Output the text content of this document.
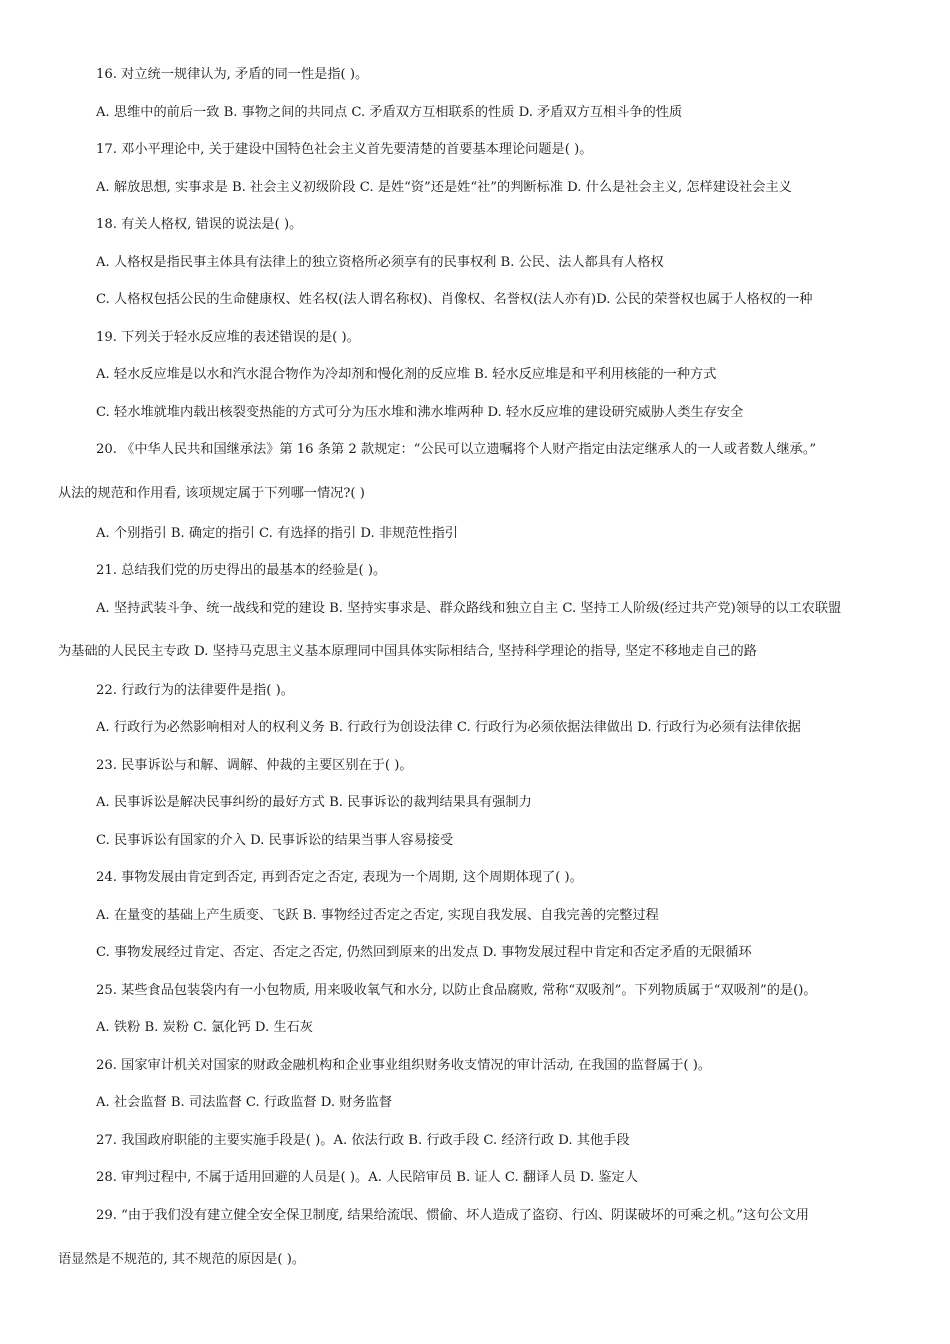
16. 对立统一规律认为, 矛盾的同一性是指( )。
A. 思维中的前后一致 B. 事物之间的共同点 C. 矛盾双方互相联系的性质 D. 矛盾双方互相斗争的性质
17. 邓小平理论中, 关于建设中国特色社会主义首先要清楚的首要基本理论问题是( )。
A. 解放思想, 实事求是 B. 社会主义初级阶段 C. 是姓“资”还是姓“社”的判断标准 D. 什么是社会主义, 怎样建设社会主义
18. 有关人格权, 错误的说法是( )。
A. 人格权是指民事主体具有法律上的独立资格所必须享有的民事权利 B. 公民、法人都具有人格权
C. 人格权包括公民的生命健康权、姓名权(法人谓名称权)、肖像权、名誉权(法人亦有)D. 公民的荣誉权也属于人格权的一种
19. 下列关于轻水反应堆的表述错误的是( )。
A. 轻水反应堆是以水和汽水混合物作为冷却剂和慢化剂的反应堆 B. 轻水反应堆是和平利用核能的一种方式
C. 轻水堆就堆内载出核裂变热能的方式可分为压水堆和沸水堆两种 D. 轻水反应堆的建设研究威胁人类生存安全
20. 《中华人民共和国继承法》第 16 条第 2 款规定：“公民可以立遗嘱将个人财产指定由法定继承人的一人或者数人继承。”
从法的规范和作用看, 该项规定属于下列哪一情况?( )
A. 个别指引 B. 确定的指引 C. 有选择的指引 D. 非规范性指引
21. 总结我们党的历史得出的最基本的经验是( )。
A. 坚持武装斗争、统一战线和党的建设 B. 坚持实事求是、群众路线和独立自主 C. 坚持工人阶级(经过共产党)领导的以工农联盟
为基础的人民民主专政 D. 坚持马克思主义基本原理同中国具体实际相结合, 坚持科学理论的指导, 坚定不移地走自己的路
22. 行政行为的法律要件是指( )。
A. 行政行为必然影响相对人的权利义务 B. 行政行为创设法律 C. 行政行为必须依据法律做出 D. 行政行为必须有法律依据
23. 民事诉讼与和解、调解、仲裁的主要区别在于( )。
A. 民事诉讼是解决民事纠纷的最好方式 B. 民事诉讼的裁判结果具有强制力
C. 民事诉讼有国家的介入 D. 民事诉讼的结果当事人容易接受
24. 事物发展由肯定到否定, 再到否定之否定, 表现为一个周期, 这个周期体现了( )。
A. 在量变的基础上产生质变、飞跃 B. 事物经过否定之否定, 实现自我发展、自我完善的完整过程
C. 事物发展经过肯定、否定、否定之否定, 仍然回到原来的出发点 D. 事物发展过程中肯定和否定矛盾的无限循环
25. 某些食品包装袋内有一小包物质, 用来吸收氧气和水分, 以防止食品腐败, 常称“双吸剂”。下列物质属于“双吸剂”的是()。
A. 铁粉 B. 炭粉 C. 氯化钙 D. 生石灰
26. 国家审计机关对国家的财政金融机构和企业事业组织财务收支情况的审计活动, 在我国的监督属于( )。
A. 社会监督 B. 司法监督 C. 行政监督 D. 财务监督
27. 我国政府职能的主要实施手段是( )。A. 依法行政 B. 行政手段 C. 经济行政 D. 其他手段
28. 审判过程中, 不属于适用回避的人员是( )。A. 人民陪审员 B. 证人 C. 翻译人员 D. 鉴定人
29. “由于我们没有建立健全安全保卫制度, 结果给流氓、惯偷、坏人造成了盗窃、行凶、阴谋破坏的可乘之机。”这句公文用
语显然是不规范的, 其不规范的原因是( )。
